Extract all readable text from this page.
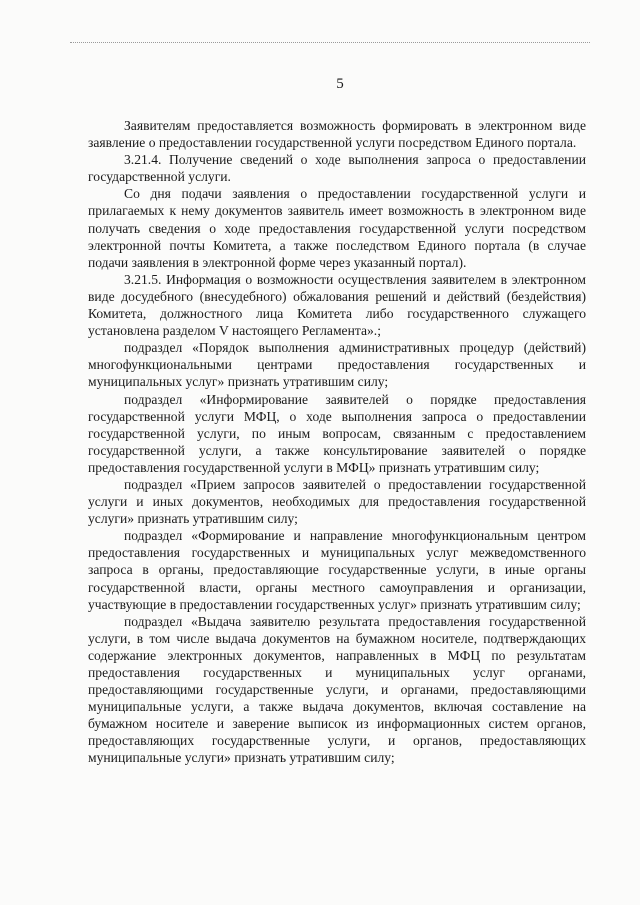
5

Заявителям предоставляется возможность формировать в электронном виде заявление о предоставлении государственной услуги посредством Единого портала.

3.21.4. Получение сведений о ходе выполнения запроса о предоставлении государственной услуги.

Со дня подачи заявления о предоставлении государственной услуги и прилагаемых к нему документов заявитель имеет возможность в электронном виде получать сведения о ходе предоставления государственной услуги посредством электронной почты Комитета, а также последством Единого портала (в случае подачи заявления в электронной форме через указанный портал).

3.21.5. Информация о возможности осуществления заявителем в электронном виде досудебного (внесудебного) обжалования решений и действий (бездействия) Комитета, должностного лица Комитета либо государственного служащего установлена разделом V настоящего Регламента».;

подраздел «Порядок выполнения административных процедур (действий) многофункциональными центрами предоставления государственных и муниципальных услуг» признать утратившим силу;

подраздел «Информирование заявителей о порядке предоставления государственной услуги МФЦ, о ходе выполнения запроса о предоставлении государственной услуги, по иным вопросам, связанным с предоставлением государственной услуги, а также консультирование заявителей о порядке предоставления государственной услуги в МФЦ» признать утратившим силу;

подраздел «Прием запросов заявителей о предоставлении государственной услуги и иных документов, необходимых для предоставления государственной услуги» признать утратившим силу;

подраздел «Формирование и направление многофункциональным центром предоставления государственных и муниципальных услуг межведомственного запроса в органы, предоставляющие государственные услуги, в иные органы государственной власти, органы местного самоуправления и организации, участвующие в предоставлении государственных услуг» признать утратившим силу;

подраздел «Выдача заявителю результата предоставления государственной услуги, в том числе выдача документов на бумажном носителе, подтверждающих содержание электронных документов, направленных в МФЦ по результатам предоставления государственных и муниципальных услуг органами, предоставляющими государственные услуги, и органами, предоставляющими муниципальные услуги, а также выдача документов, включая составление на бумажном носителе и заверение выписок из информационных систем органов, предоставляющих государственные услуги, и органов, предоставляющих муниципальные услуги» признать утратившим силу;
